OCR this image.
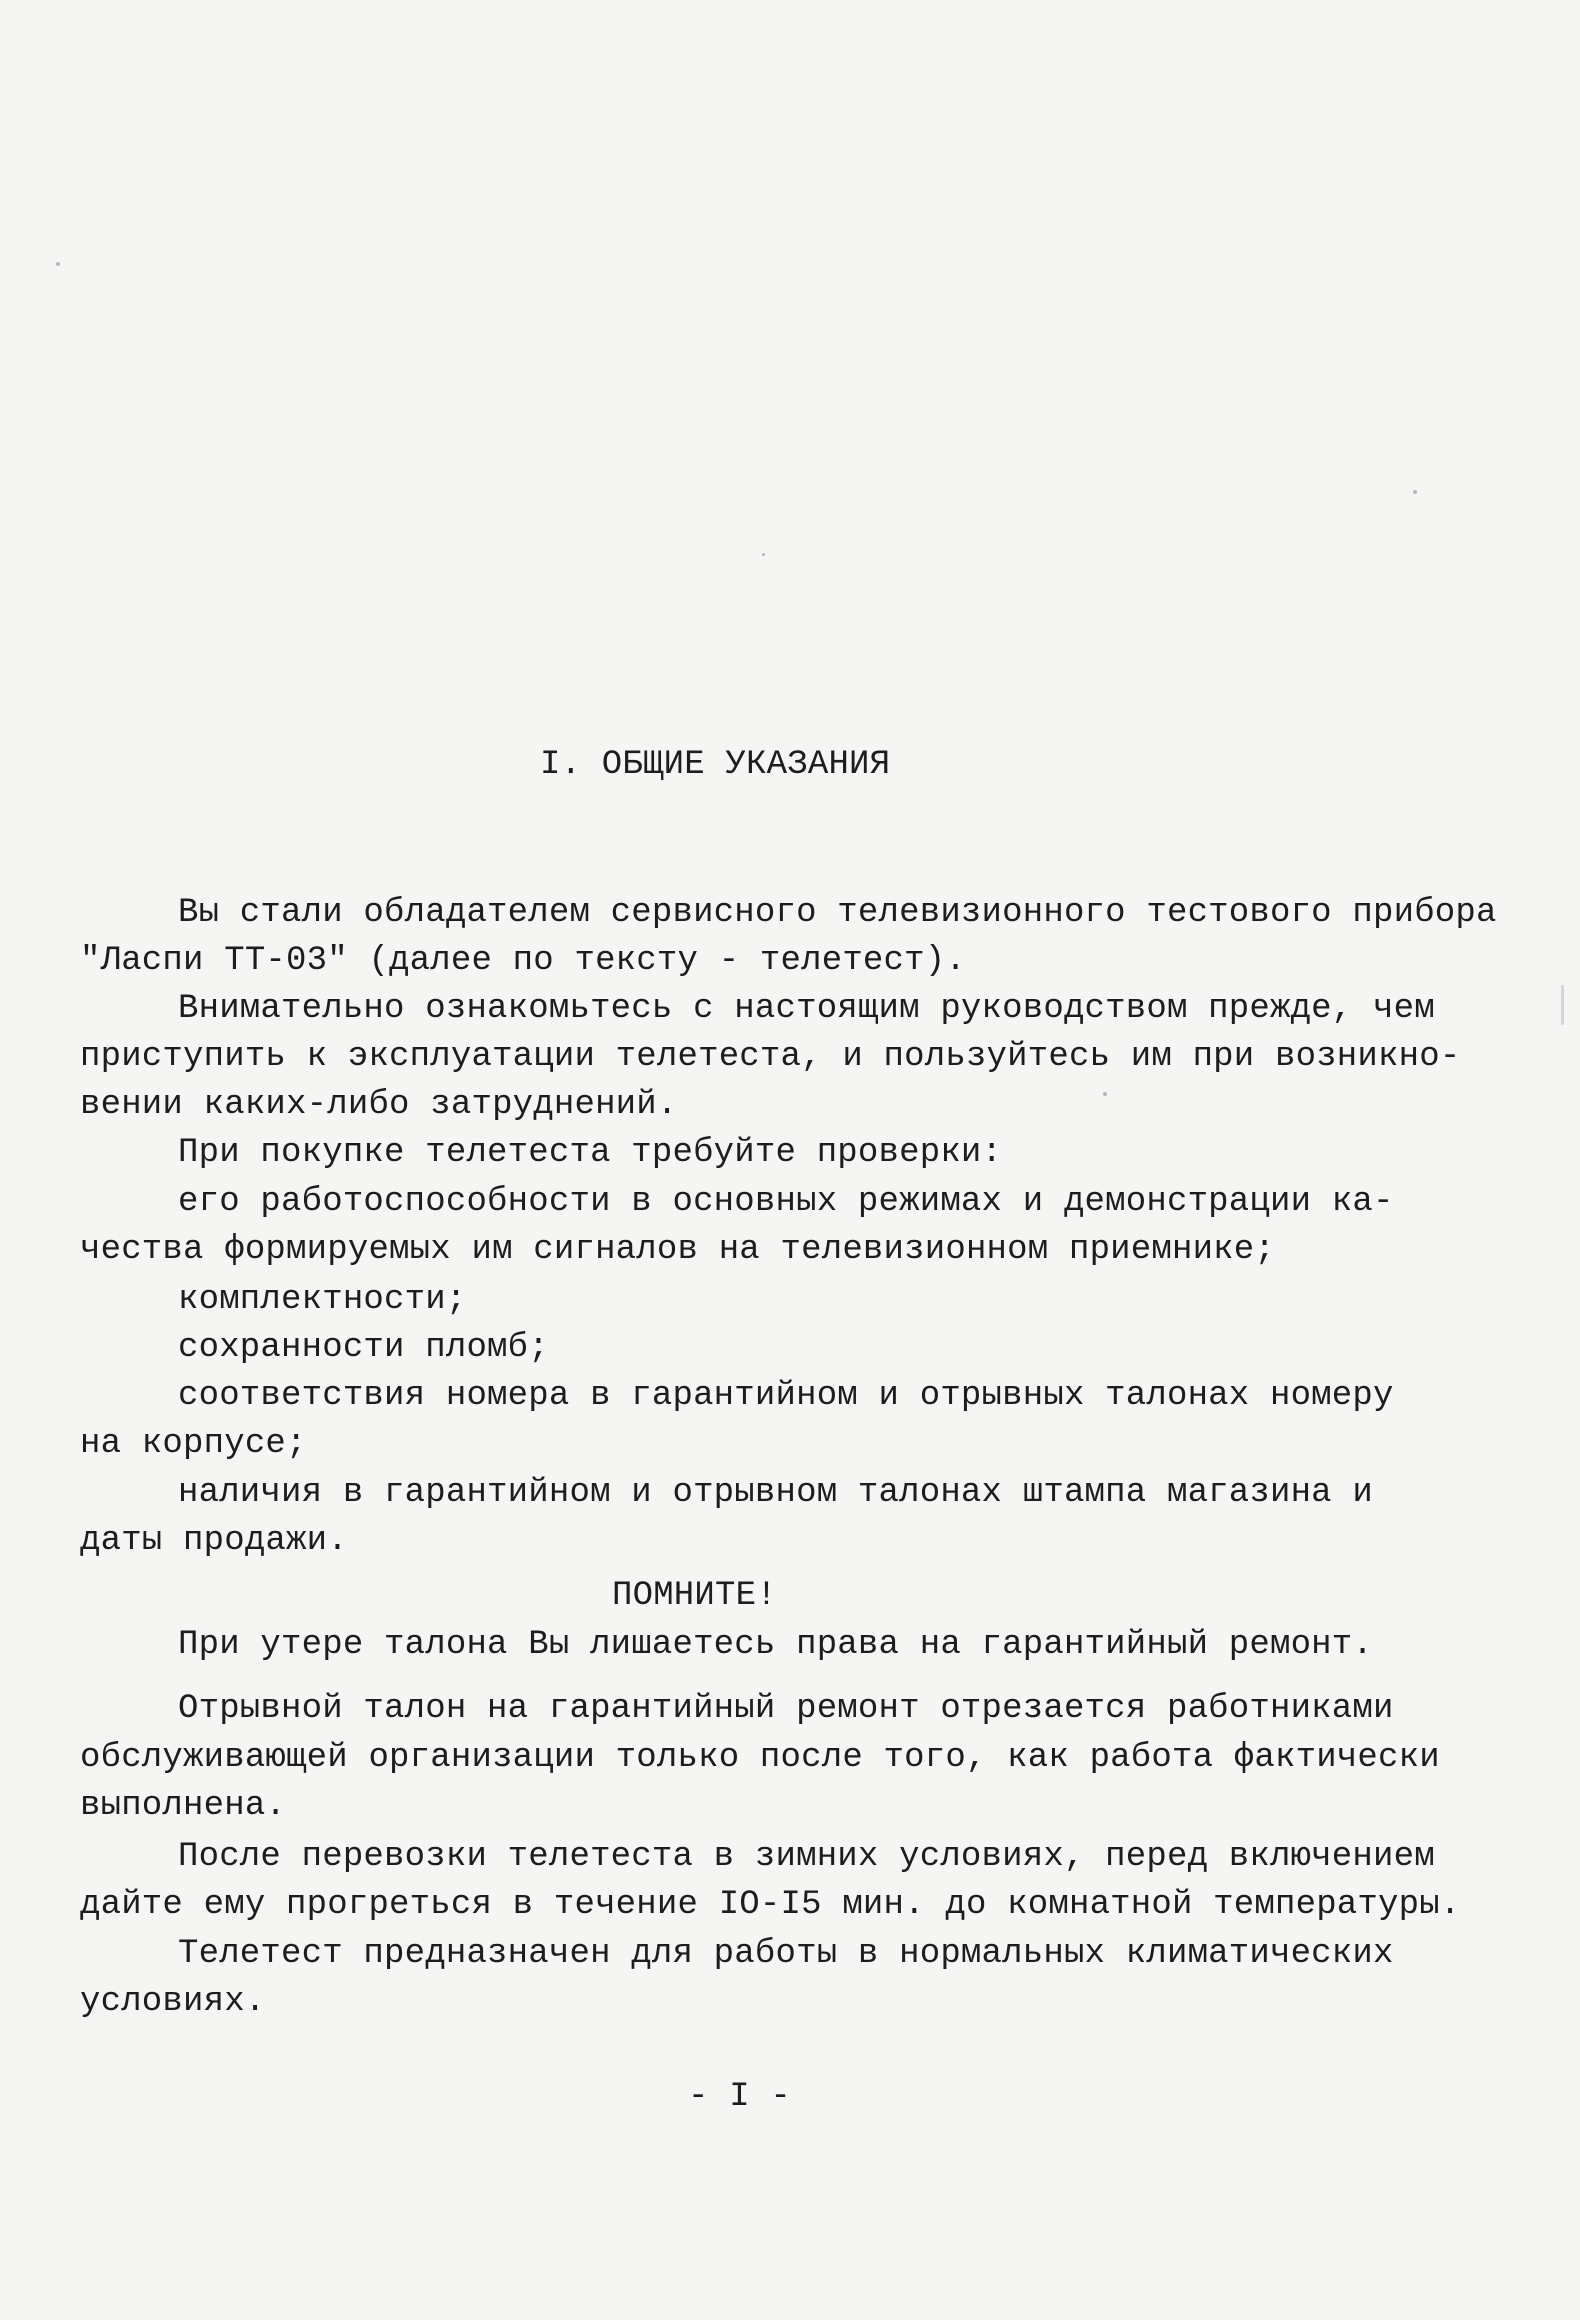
I. ОБЩИЕ УКАЗАНИЯ
Вы стали обладателем сервисного телевизионного тестового прибора
"Ласпи ТТ-03" (далее по тексту - телетест).
Внимательно ознакомьтесь с настоящим руководством прежде, чем
приступить к эксплуатации телетеста, и пользуйтесь им при возникно-
вении каких-либо затруднений.
При покупке телетеста требуйте проверки:
его работоспособности в основных режимах и демонстрации ка-
чества формируемых им сигналов на телевизионном приемнике;
комплектности;
сохранности пломб;
соответствия номера в гарантийном и отрывных талонах номеру
на корпусе;
наличия в гарантийном и отрывном талонах штампа магазина и
даты продажи.
ПОМНИТЕ!
При утере талона Вы лишаетесь права на гарантийный ремонт.
Отрывной талон на гарантийный ремонт отрезается работниками
обслуживающей организации только после того, как работа фактически
выполнена.
После перевозки телетеста в зимних условиях, перед включением
дайте ему прогреться в течение IO-I5 мин. до комнатной температуры.
Телетест предназначен для работы в нормальных климатических
условиях.
- I -
